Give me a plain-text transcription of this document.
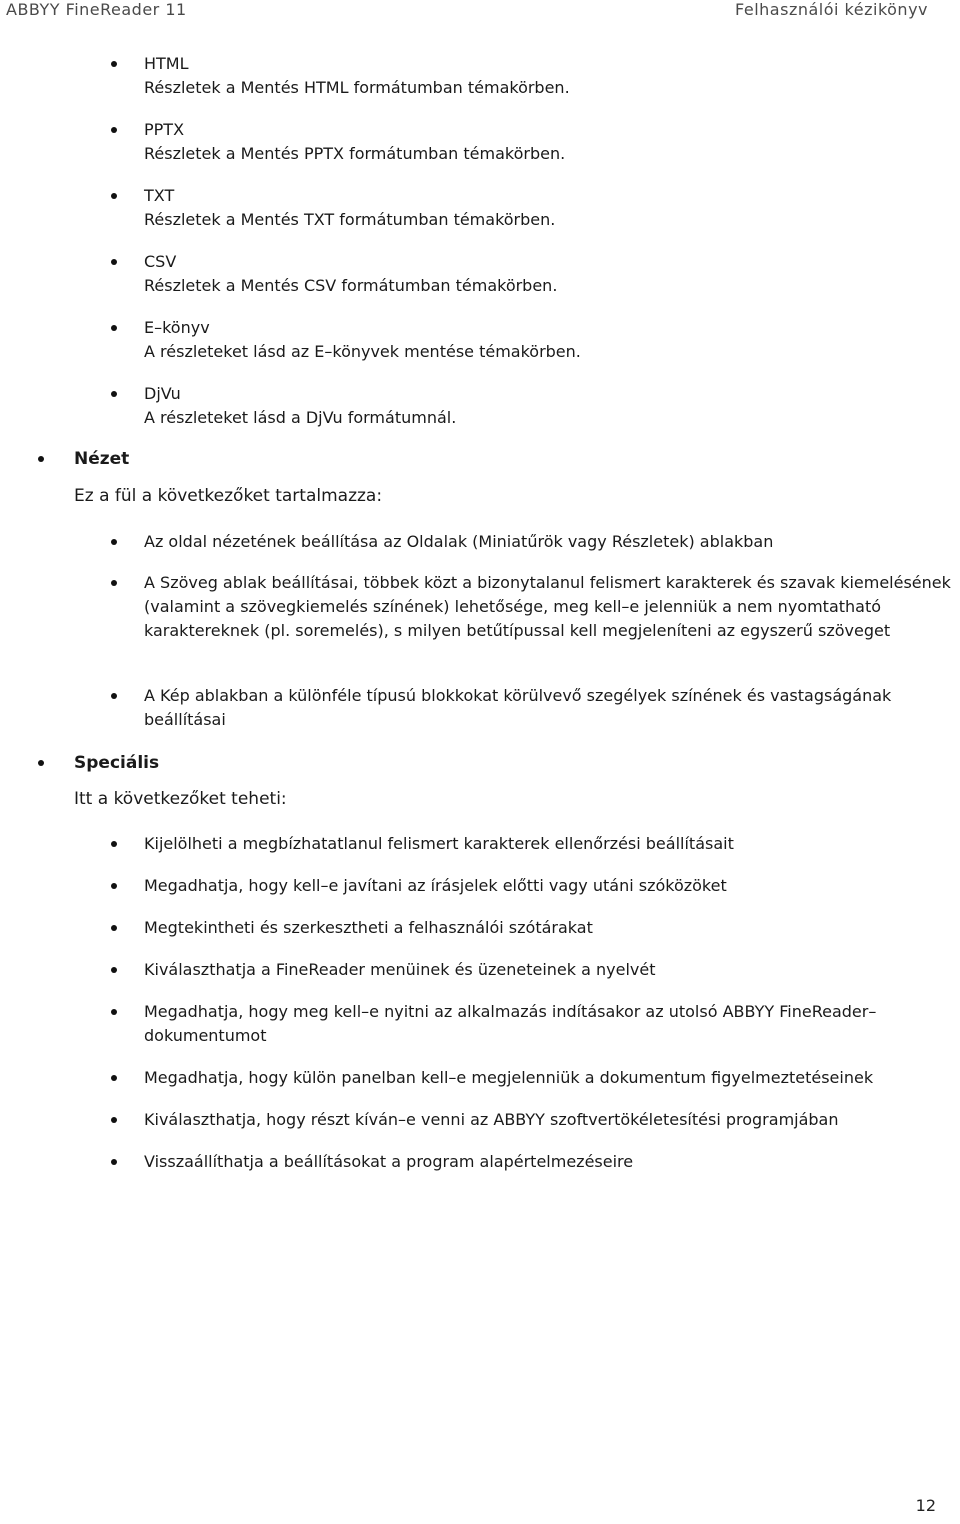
ABBYY FineReader 11	Felhasználói kézikönyv
HTML
Részletek a Mentés HTML formátumban témakörben.
PPTX
Részletek a Mentés PPTX formátumban témakörben.
TXT
Részletek a Mentés TXT formátumban témakörben.
CSV
Részletek a Mentés CSV formátumban témakörben.
E–könyv
A részleteket lásd az E–könyvek mentése témakörben.
DjVu
A részleteket lásd a DjVu formátumnál.
Nézet
Ez a fül a következőket tartalmazza:
Az oldal nézetének beállítása az Oldalak (Miniatűrök vagy Részletek) ablakban
A Szöveg ablak beállításai, többek közt a bizonytalanul felismert karakterek és szavak kiemelésének (valamint a szövegkiemelés színének) lehetősége, meg kell–e jelenniük a nem nyomtatható karaktereknek (pl. soremelés), s milyen betűtípussal kell megjeleníteni az egyszerű szöveget
A Kép ablakban a különféle típusú blokkokat körülvevő szegélyek színének és vastagságának beállításai
Speciális
Itt a következőket teheti:
Kijelölheti a megbízhatatlanul felismert karakterek ellenőrzési beállításait
Megadhatja, hogy kell–e javítani az írásjelek előtti vagy utáni szóközöket
Megtekintheti és szerkesztheti a felhasználói szótárakat
Kiválaszthatja a FineReader menüinek és üzeneteinek a nyelvét
Megadhatja, hogy meg kell–e nyitni az alkalmazás indításakor az utolsó ABBYY FineReader–dokumentumot
Megadhatja, hogy külön panelban kell–e megjelenniük a dokumentum figyelmeztetéseinek
Kiválaszthatja, hogy részt kíván–e venni az ABBYY szoftvertökéletesítési programjában
Visszaállíthatja a beállításokat a program alapértelmezéseire
12
